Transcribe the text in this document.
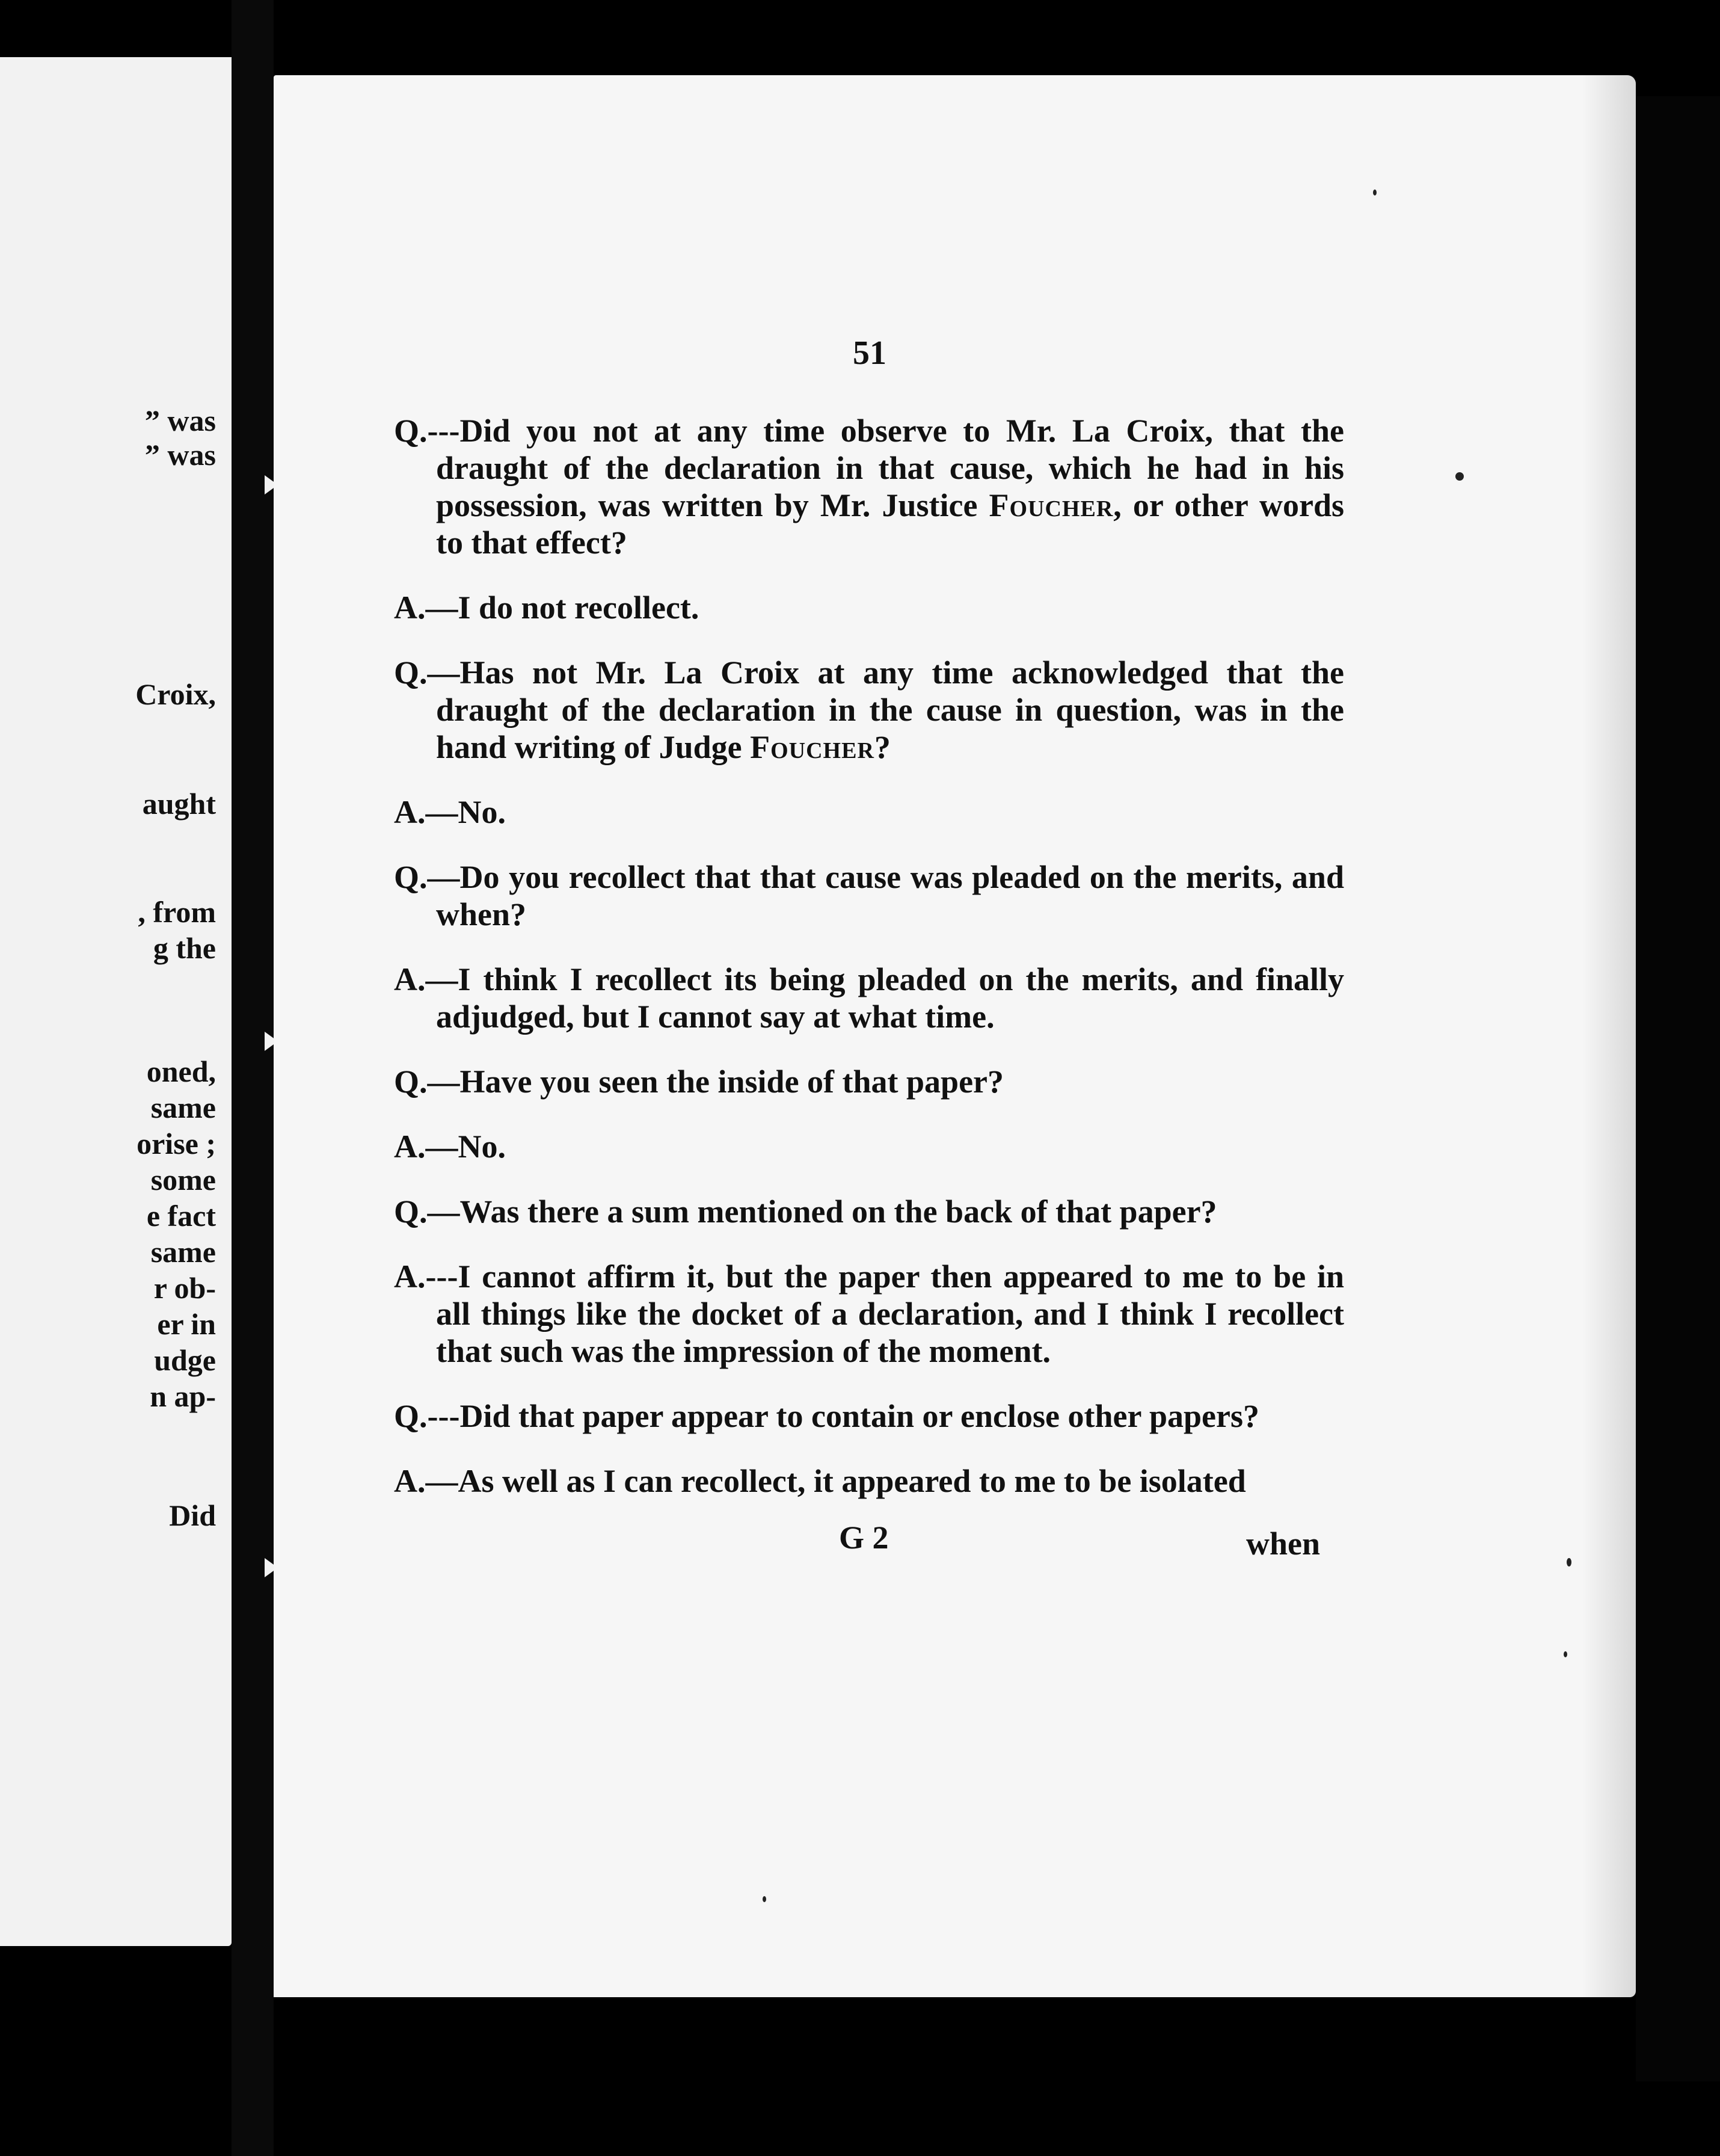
” was
” was
Croix,
aught
, from
g the
oned,
same
orise ;
some
e fact
same
r ob-
er in
udge
n ap-
Did
51

Q.---Did you not at any time observe to Mr. La Croix, that the draught of the declaration in that cause, which he had in his possession, was written by Mr. Justice Foucher, or other words to that effect?

A.—I do not recollect.

Q.—Has not Mr. La Croix at any time acknowledged that the draught of the declaration in the cause in question, was in the hand writing of Judge Foucher?

A.—No.

Q.—Do you recollect that that cause was pleaded on the merits, and when?

A.—I think I recollect its being pleaded on the merits, and finally adjudged, but I cannot say at what time.

Q.—Have you seen the inside of that paper?

A.—No.

Q.—Was there a sum mentioned on the back of that paper?

A.---I cannot affirm it, but the paper then appeared to me to be in all things like the docket of a declaration, and I think I recollect that such was the impression of the moment.

Q.---Did that paper appear to contain or enclose other papers?

A.—As well as I can recollect, it appeared to me to be isolated

G 2	when
